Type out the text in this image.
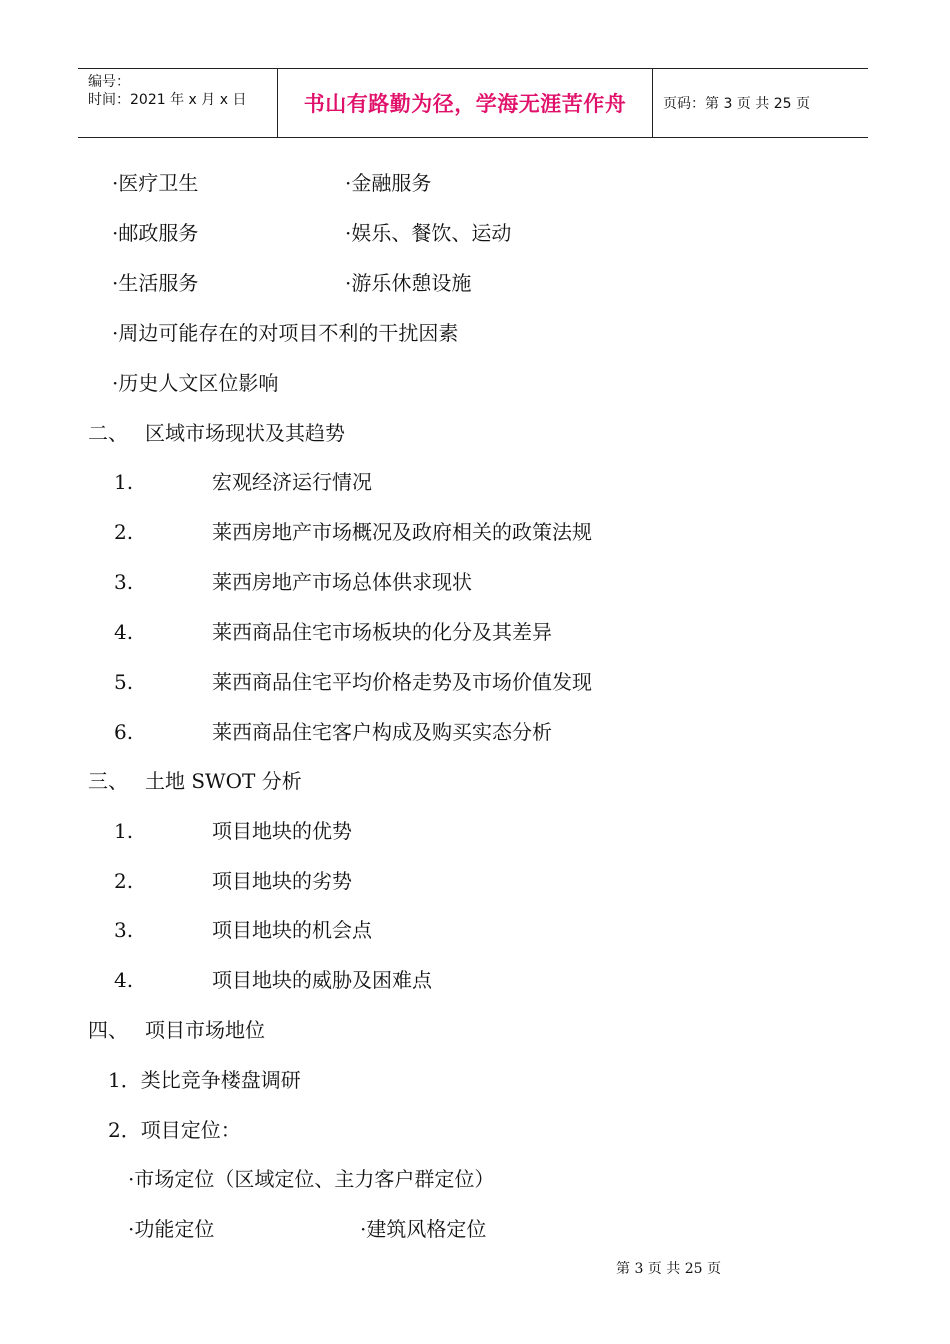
编号：
时间：2021 年 x 月 x 日	书山有路勤为径，学海无涯苦作舟	页码：第 3 页 共 25 页
·医疗卫生	·金融服务
·邮政服务	·娱乐、餐饮、运动
·生活服务	·游乐休憩设施
·周边可能存在的对项目不利的干扰因素
·历史人文区位影响
二、 区域市场现状及其趋势
1.	宏观经济运行情况
2.	莱西房地产市场概况及政府相关的政策法规
3.	莱西房地产市场总体供求现状
4.	莱西商品住宅市场板块的化分及其差异
5.	莱西商品住宅平均价格走势及市场价值发现
6.	莱西商品住宅客户构成及购买实态分析
三、 土地 SWOT 分析
1.	项目地块的优势
2.	项目地块的劣势
3.	项目地块的机会点
4.	项目地块的威胁及困难点
四、 项目市场地位
1．类比竞争楼盘调研
2．项目定位：
·市场定位（区域定位、主力客户群定位）
·功能定位	·建筑风格定位
第 3 页 共 25 页
